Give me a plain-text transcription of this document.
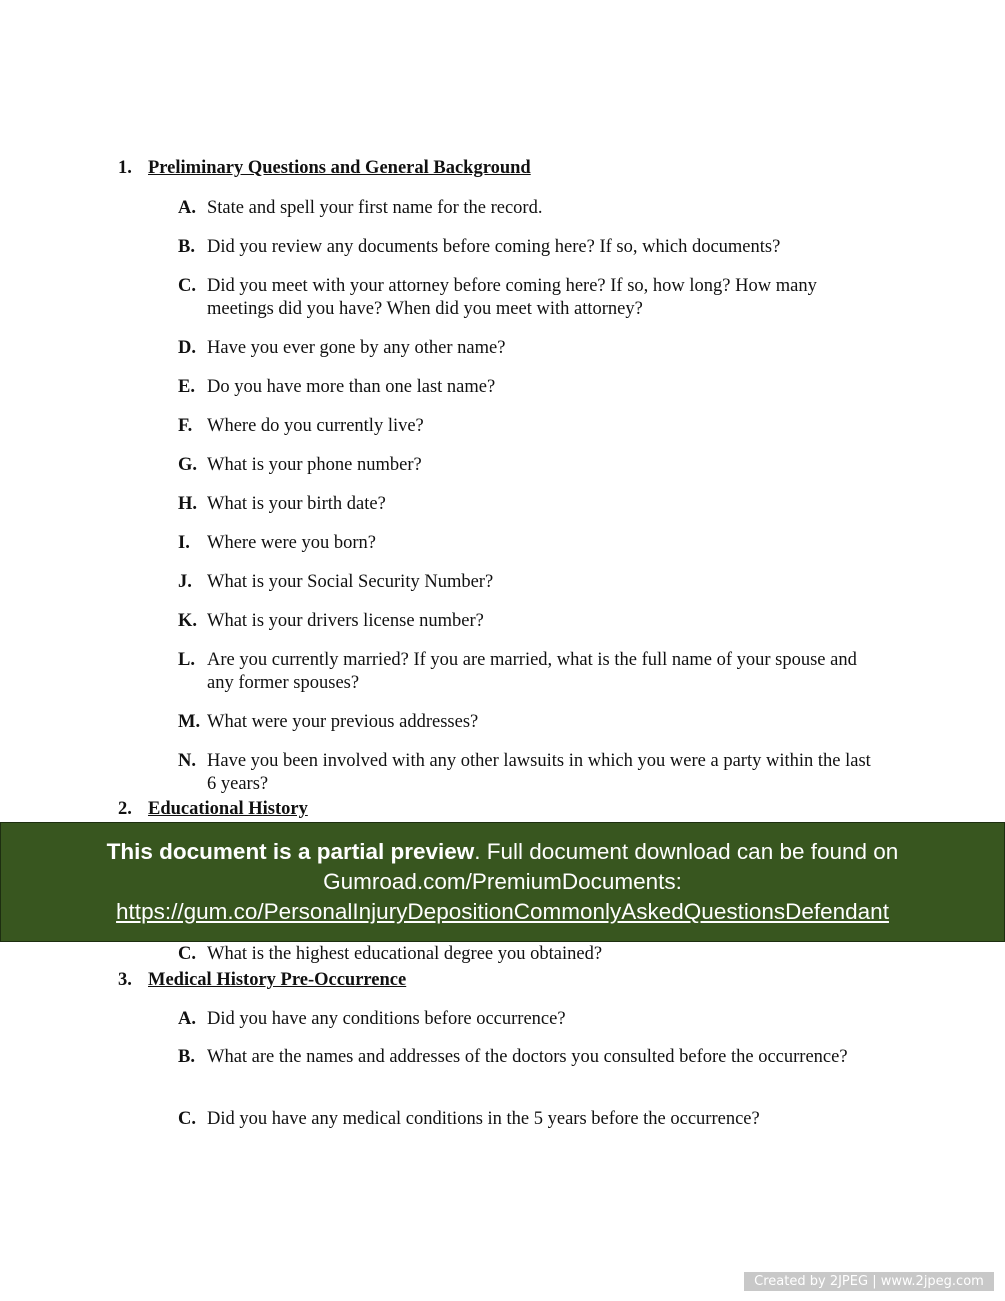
1. Preliminary Questions and General Background
2. Educational History
C. What is the highest educational degree you obtained?
3. Medical History Pre-Occurrence
A. State and spell your first name for the record.
B. Did you review any documents before coming here? If so, which documents?
C. Did you meet with your attorney before coming here? If so, how long? How many meetings did you have? When did you meet with attorney?
D. Have you ever gone by any other name?
E. Do you have more than one last name?
F. Where do you currently live?
G. What is your phone number?
H. What is your birth date?
I. Where were you born?
J. What is your Social Security Number?
K. What is your drivers license number?
L. Are you currently married? If you are married, what is the full name of your spouse and any former spouses?
M. What were your previous addresses?
N. Have you been involved with any other lawsuits in which you were a party within the last 6 years?
A. Did you have any conditions before occurrence?
B. What are the names and addresses of the doctors you consulted before the occurrence?
C. Did you have any medical conditions in the 5 years before the occurrence?
This document is a partial preview. Full document download can be found on Gumroad.com/PremiumDocuments:
https://gum.co/PersonalInjuryDepositionCommonlyAskedQuestionsDefendant
Created by 2JPEG | www.2jpeg.com
